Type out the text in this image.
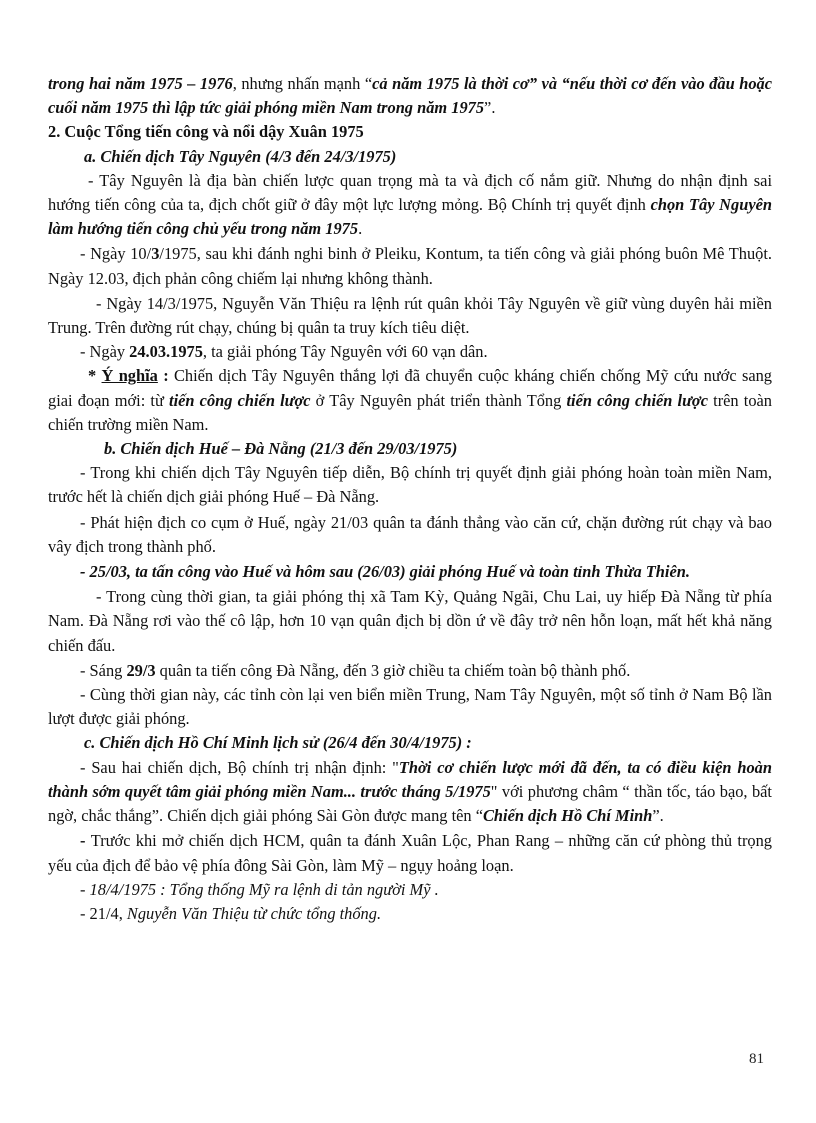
trong hai năm 1975 – 1976, nhưng nhấn mạnh “cả năm 1975 là thời cơ” và “nếu thời cơ đến vào đầu hoặc cuối năm 1975 thì lập tức giải phóng miền Nam trong năm 1975”.

2. Cuộc Tổng tiến công và nổi dậy Xuân 1975

a. Chiến dịch Tây Nguyên (4/3 đến 24/3/1975)

- Tây Nguyên là địa bàn chiến lược quan trọng mà ta và địch cố nắm giữ. Nhưng do nhận định sai hướng tiến công của ta, địch chốt giữ ở đây một lực lượng mỏng. Bộ Chính trị quyết định chọn Tây Nguyên làm hướng tiến công chủ yếu trong năm 1975.

- Ngày 10/3/1975, sau khi đánh nghi binh ở Pleiku, Kontum, ta tiến công và giải phóng buôn Mê Thuột. Ngày 12.03, địch phản công chiếm lại nhưng không thành.

- Ngày 14/3/1975, Nguyễn Văn Thiệu ra lệnh rút quân khỏi Tây Nguyên về giữ vùng duyên hải miền Trung. Trên đường rút chạy, chúng bị quân ta truy kích tiêu diệt.

- Ngày 24.03.1975, ta giải phóng Tây Nguyên với 60 vạn dân.

* Ý nghĩa : Chiến dịch Tây Nguyên thắng lợi đã chuyển cuộc kháng chiến chống Mỹ cứu nước sang giai đoạn mới: từ tiến công chiến lược ở Tây Nguyên phát triển thành Tổng tiến công chiến lược trên toàn chiến trường miền Nam.

b. Chiến dịch Huế – Đà Nẵng (21/3 đến 29/03/1975)

- Trong khi chiến dịch Tây Nguyên tiếp diễn, Bộ chính trị quyết định giải phóng hoàn toàn miền Nam, trước hết là chiến dịch giải phóng Huế – Đà Nẵng.

- Phát hiện địch co cụm ở Huế, ngày 21/03 quân ta đánh thẳng vào căn cứ, chặn đường rút chạy và bao vây địch trong thành phố.

- 25/03, ta tấn công vào Huế và hôm sau (26/03) giải phóng Huế và toàn tỉnh Thừa Thiên.

- Trong cùng thời gian, ta giải phóng thị xã Tam Kỳ, Quảng Ngãi, Chu Lai, uy hiếp Đà Nẵng từ phía Nam. Đà Nẵng rơi vào thế cô lập, hơn 10 vạn quân địch bị dồn ứ về đây trở nên hỗn loạn, mất hết khả năng chiến đấu.

- Sáng 29/3 quân ta tiến công Đà Nẵng, đến 3 giờ chiều ta chiếm toàn bộ thành phố.

- Cùng thời gian này, các tỉnh còn lại ven biển miền Trung, Nam Tây Nguyên, một số tỉnh ở Nam Bộ lần lượt được giải phóng.

c. Chiến dịch Hồ Chí Minh lịch sử (26/4 đến 30/4/1975) :

- Sau hai chiến dịch, Bộ chính trị nhận định: "Thời cơ chiến lược mới đã đến, ta có điều kiện hoàn thành sớm quyết tâm giải phóng miền Nam... trước tháng 5/1975" với phương châm “ thần tốc, táo bạo, bất ngờ, chắc thắng”. Chiến dịch giải phóng Sài Gòn được mang tên “Chiến dịch Hồ Chí Minh”.

- Trước khi mở chiến dịch HCM, quân ta đánh Xuân Lộc, Phan Rang – những căn cứ phòng thủ trọng yếu của địch để bảo vệ phía đông Sài Gòn, làm Mỹ – ngụy hoảng loạn.

- 18/4/1975 : Tổng thống Mỹ ra lệnh di tản người Mỹ .

- 21/4, Nguyễn Văn Thiệu từ chức tổng thống.

81
